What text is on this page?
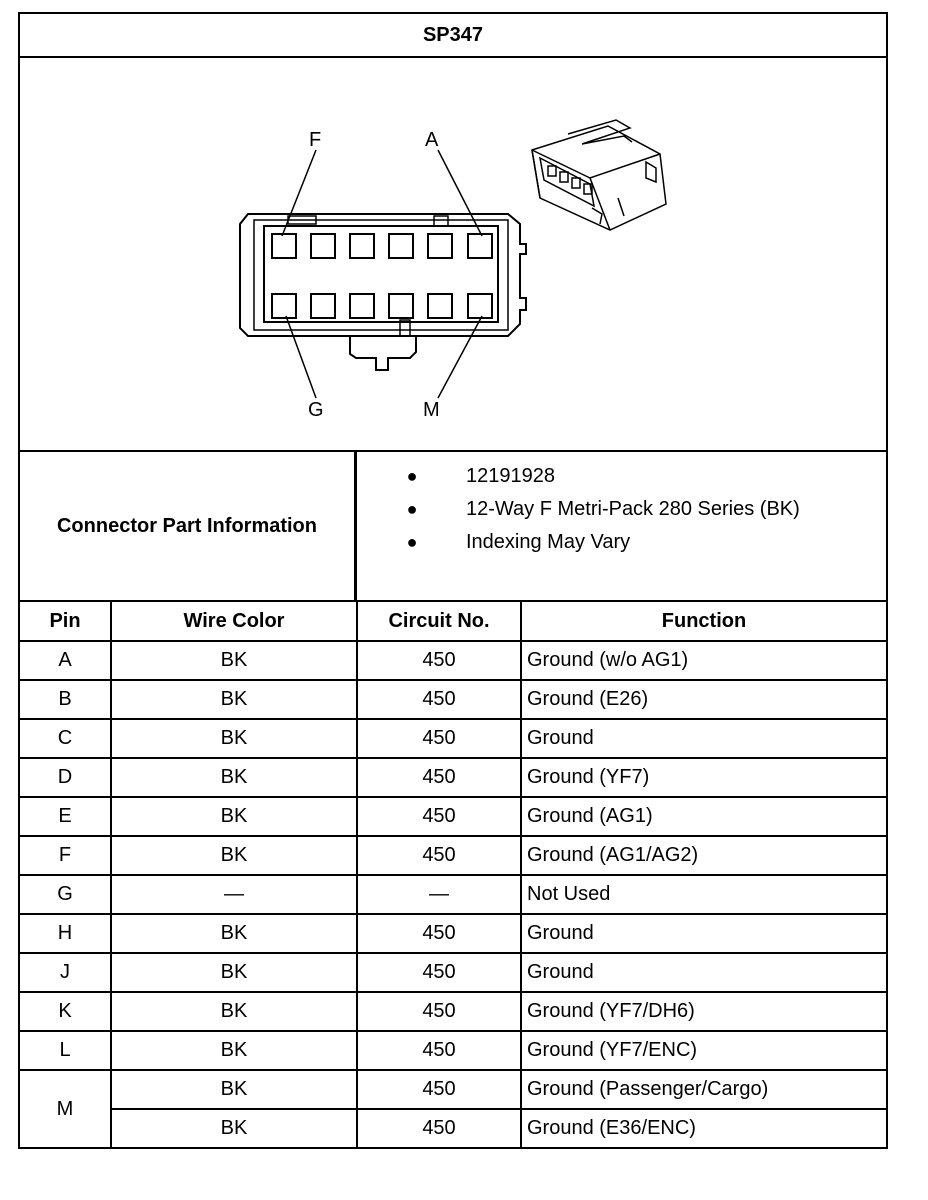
SP347
F	A
G	M
Connector Part Information
●	12191928
●	12-Way F Metri-Pack 280 Series (BK)
●	Indexing May Vary
Pin	Wire Color	Circuit No.	Function
A	BK	450	Ground (w/o AG1)
B	BK	450	Ground (E26)
C	BK	450	Ground
D	BK	450	Ground (YF7)
E	BK	450	Ground (AG1)
F	BK	450	Ground (AG1/AG2)
G	—	—	Not Used
H	BK	450	Ground
J	BK	450	Ground
K	BK	450	Ground (YF7/DH6)
L	BK	450	Ground (YF7/ENC)
M	BK	450	Ground (Passenger/Cargo)
	BK	450	Ground (E36/ENC)
